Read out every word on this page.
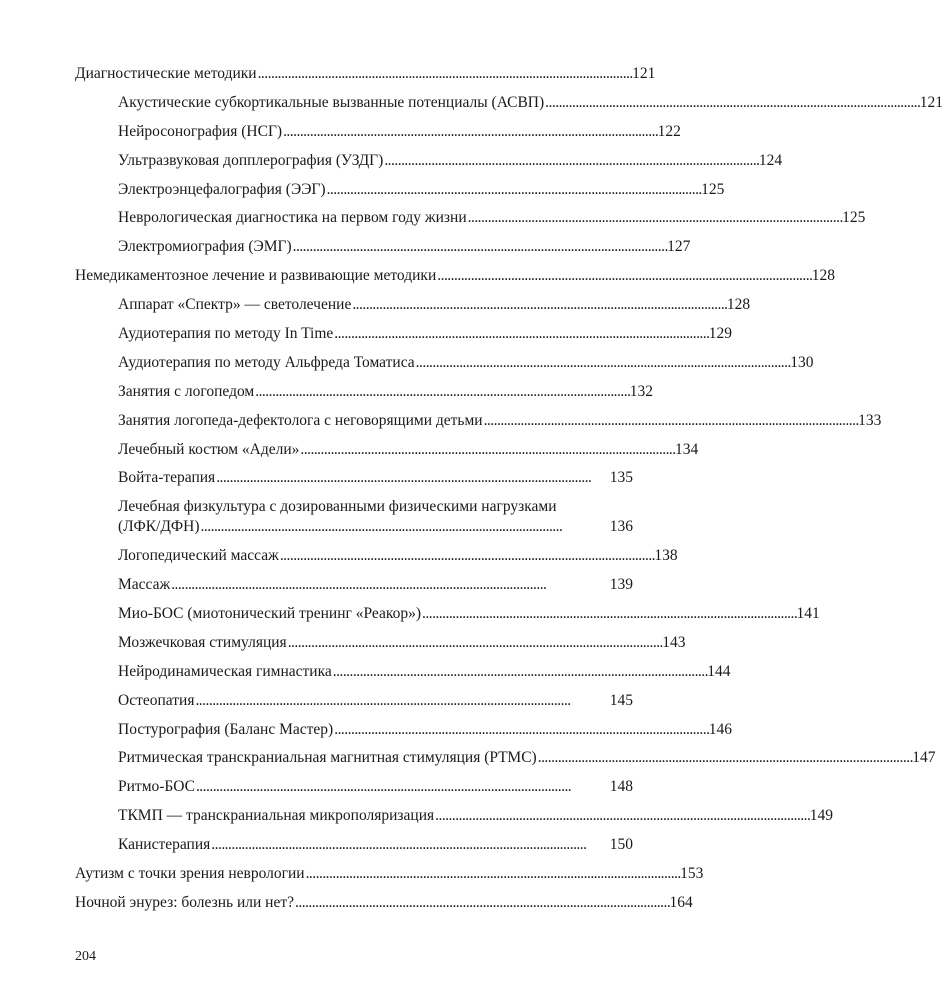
Диагностические методики . . .	121
Акустические субкортикальные вызванные потенциалы (АСВП) . . .	121
Нейросонография (НСГ) . . .	122
Ультразвуковая допплерография (УЗДГ) . . .	124
Электроэнцефалография (ЭЭГ) . . .	125
Неврологическая диагностика на первом году жизни . . .	125
Электромиография (ЭМГ) . . .	127
Немедикаментозное лечение и развивающие методики . . .	128
Аппарат «Спектр» — светолечение . . .	128
Аудиотерапия по методу In Time . . .	129
Аудиотерапия по методу Альфреда Томатиса . . .	130
Занятия с логопедом . . .	132
Занятия логопеда-дефектолога с неговорящими детьми . . .	133
Лечебный костюм «Адели» . . .	134
Войта-терапия . . .	135
Лечебная физкультура с дозированными физическими нагрузками
(ЛФК/ДФН) . . .	136
Логопедический массаж . . .	138
Массаж . . .	139
Мио-БОС (миотонический тренинг «Реакор») . . .	141
Мозжечковая стимуляция . . .	143
Нейродинамическая гимнастика . . .	144
Остеопатия . . .	145
Постурография (Баланс Мастер) . . .	146
Ритмическая транскраниальная магнитная стимуляция (РТМС) . . .	147
Ритмо-БОС . . .	148
ТКМП — транскраниальная микрополяризация . . .	149
Канистерапия . . .	150
Аутизм с точки зрения неврологии . . .	153
Ночной энурез: болезнь или нет? . . .	164
204
